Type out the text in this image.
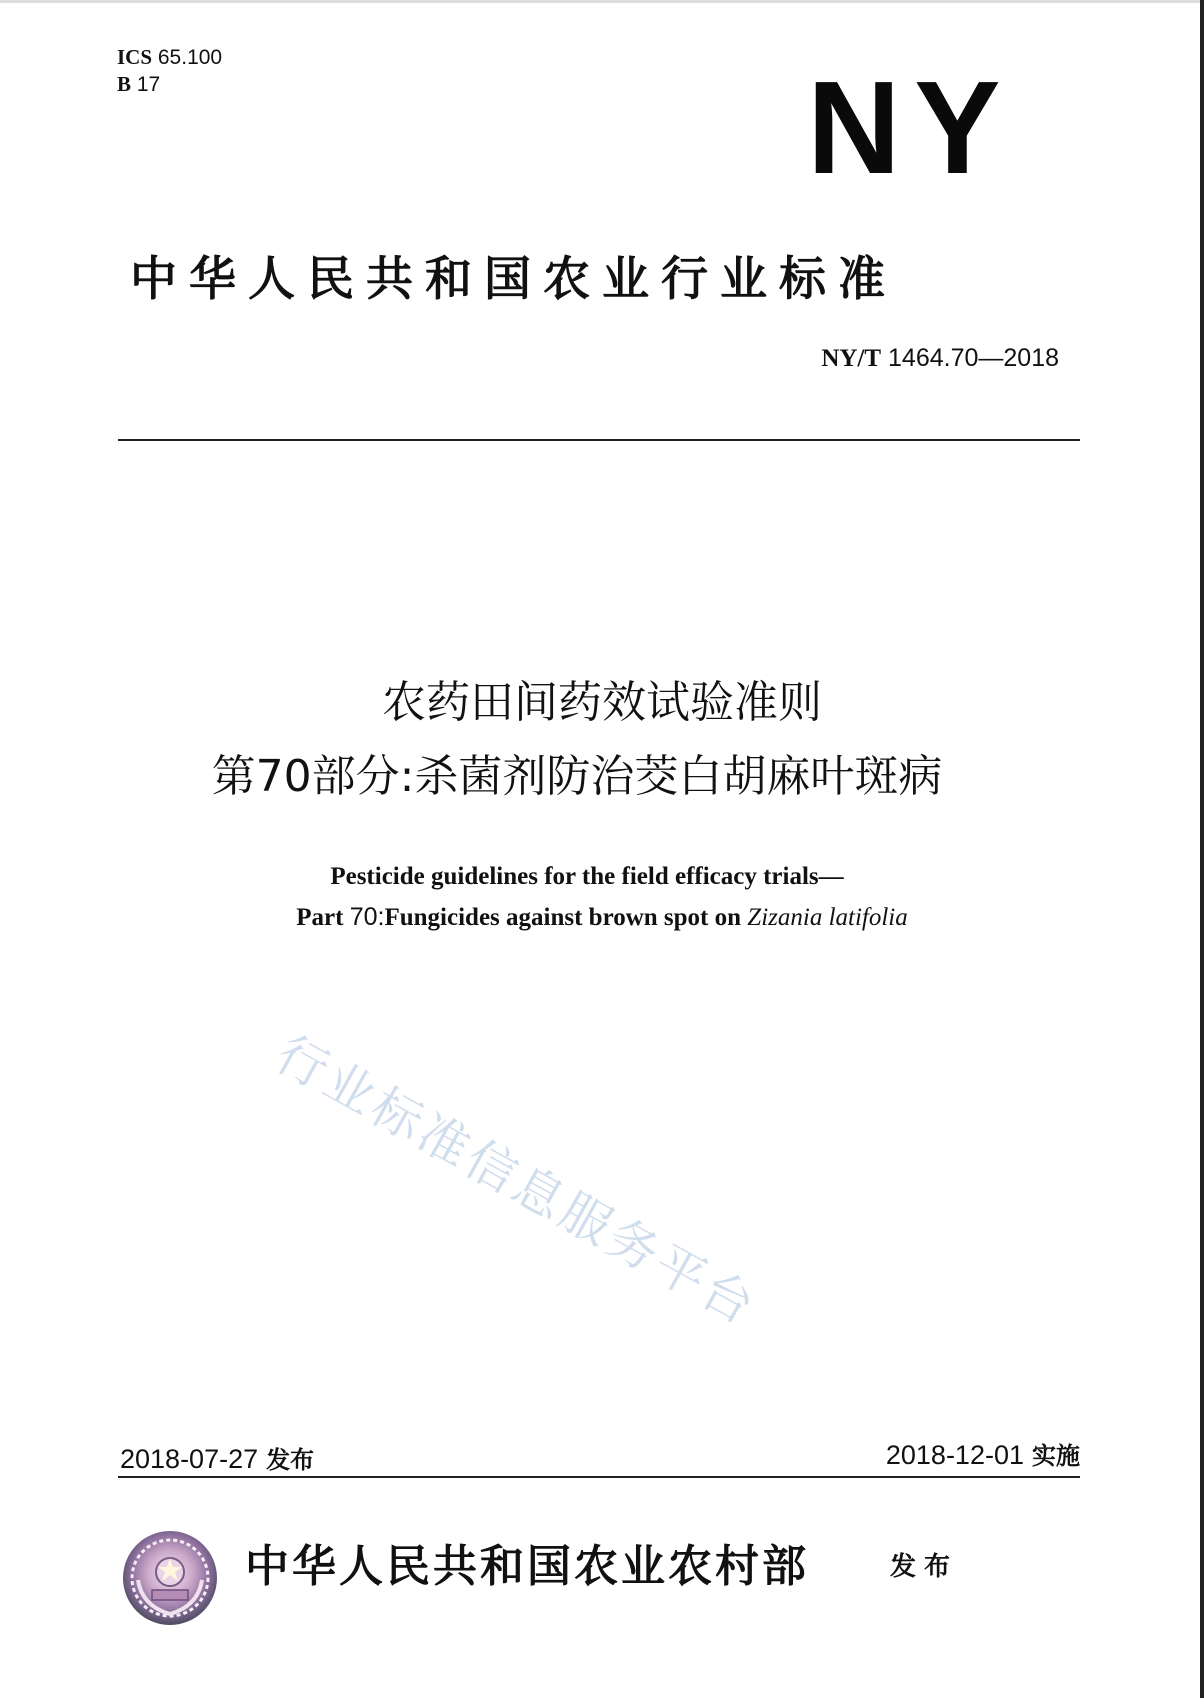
ICS 65.100
B 17	NY
中华人民共和国农业行业标准
NY/T 1464.70—2018
农药田间药效试验准则
第70部分:杀菌剂防治茭白胡麻叶斑病
Pesticide guidelines for the field efficacy trials—
Part 70:Fungicides against brown spot on Zizania latifolia
行业标准信息服务平台
2018-07-27 发布	2018-12-01 实施
中华人民共和国农业农村部	发布
